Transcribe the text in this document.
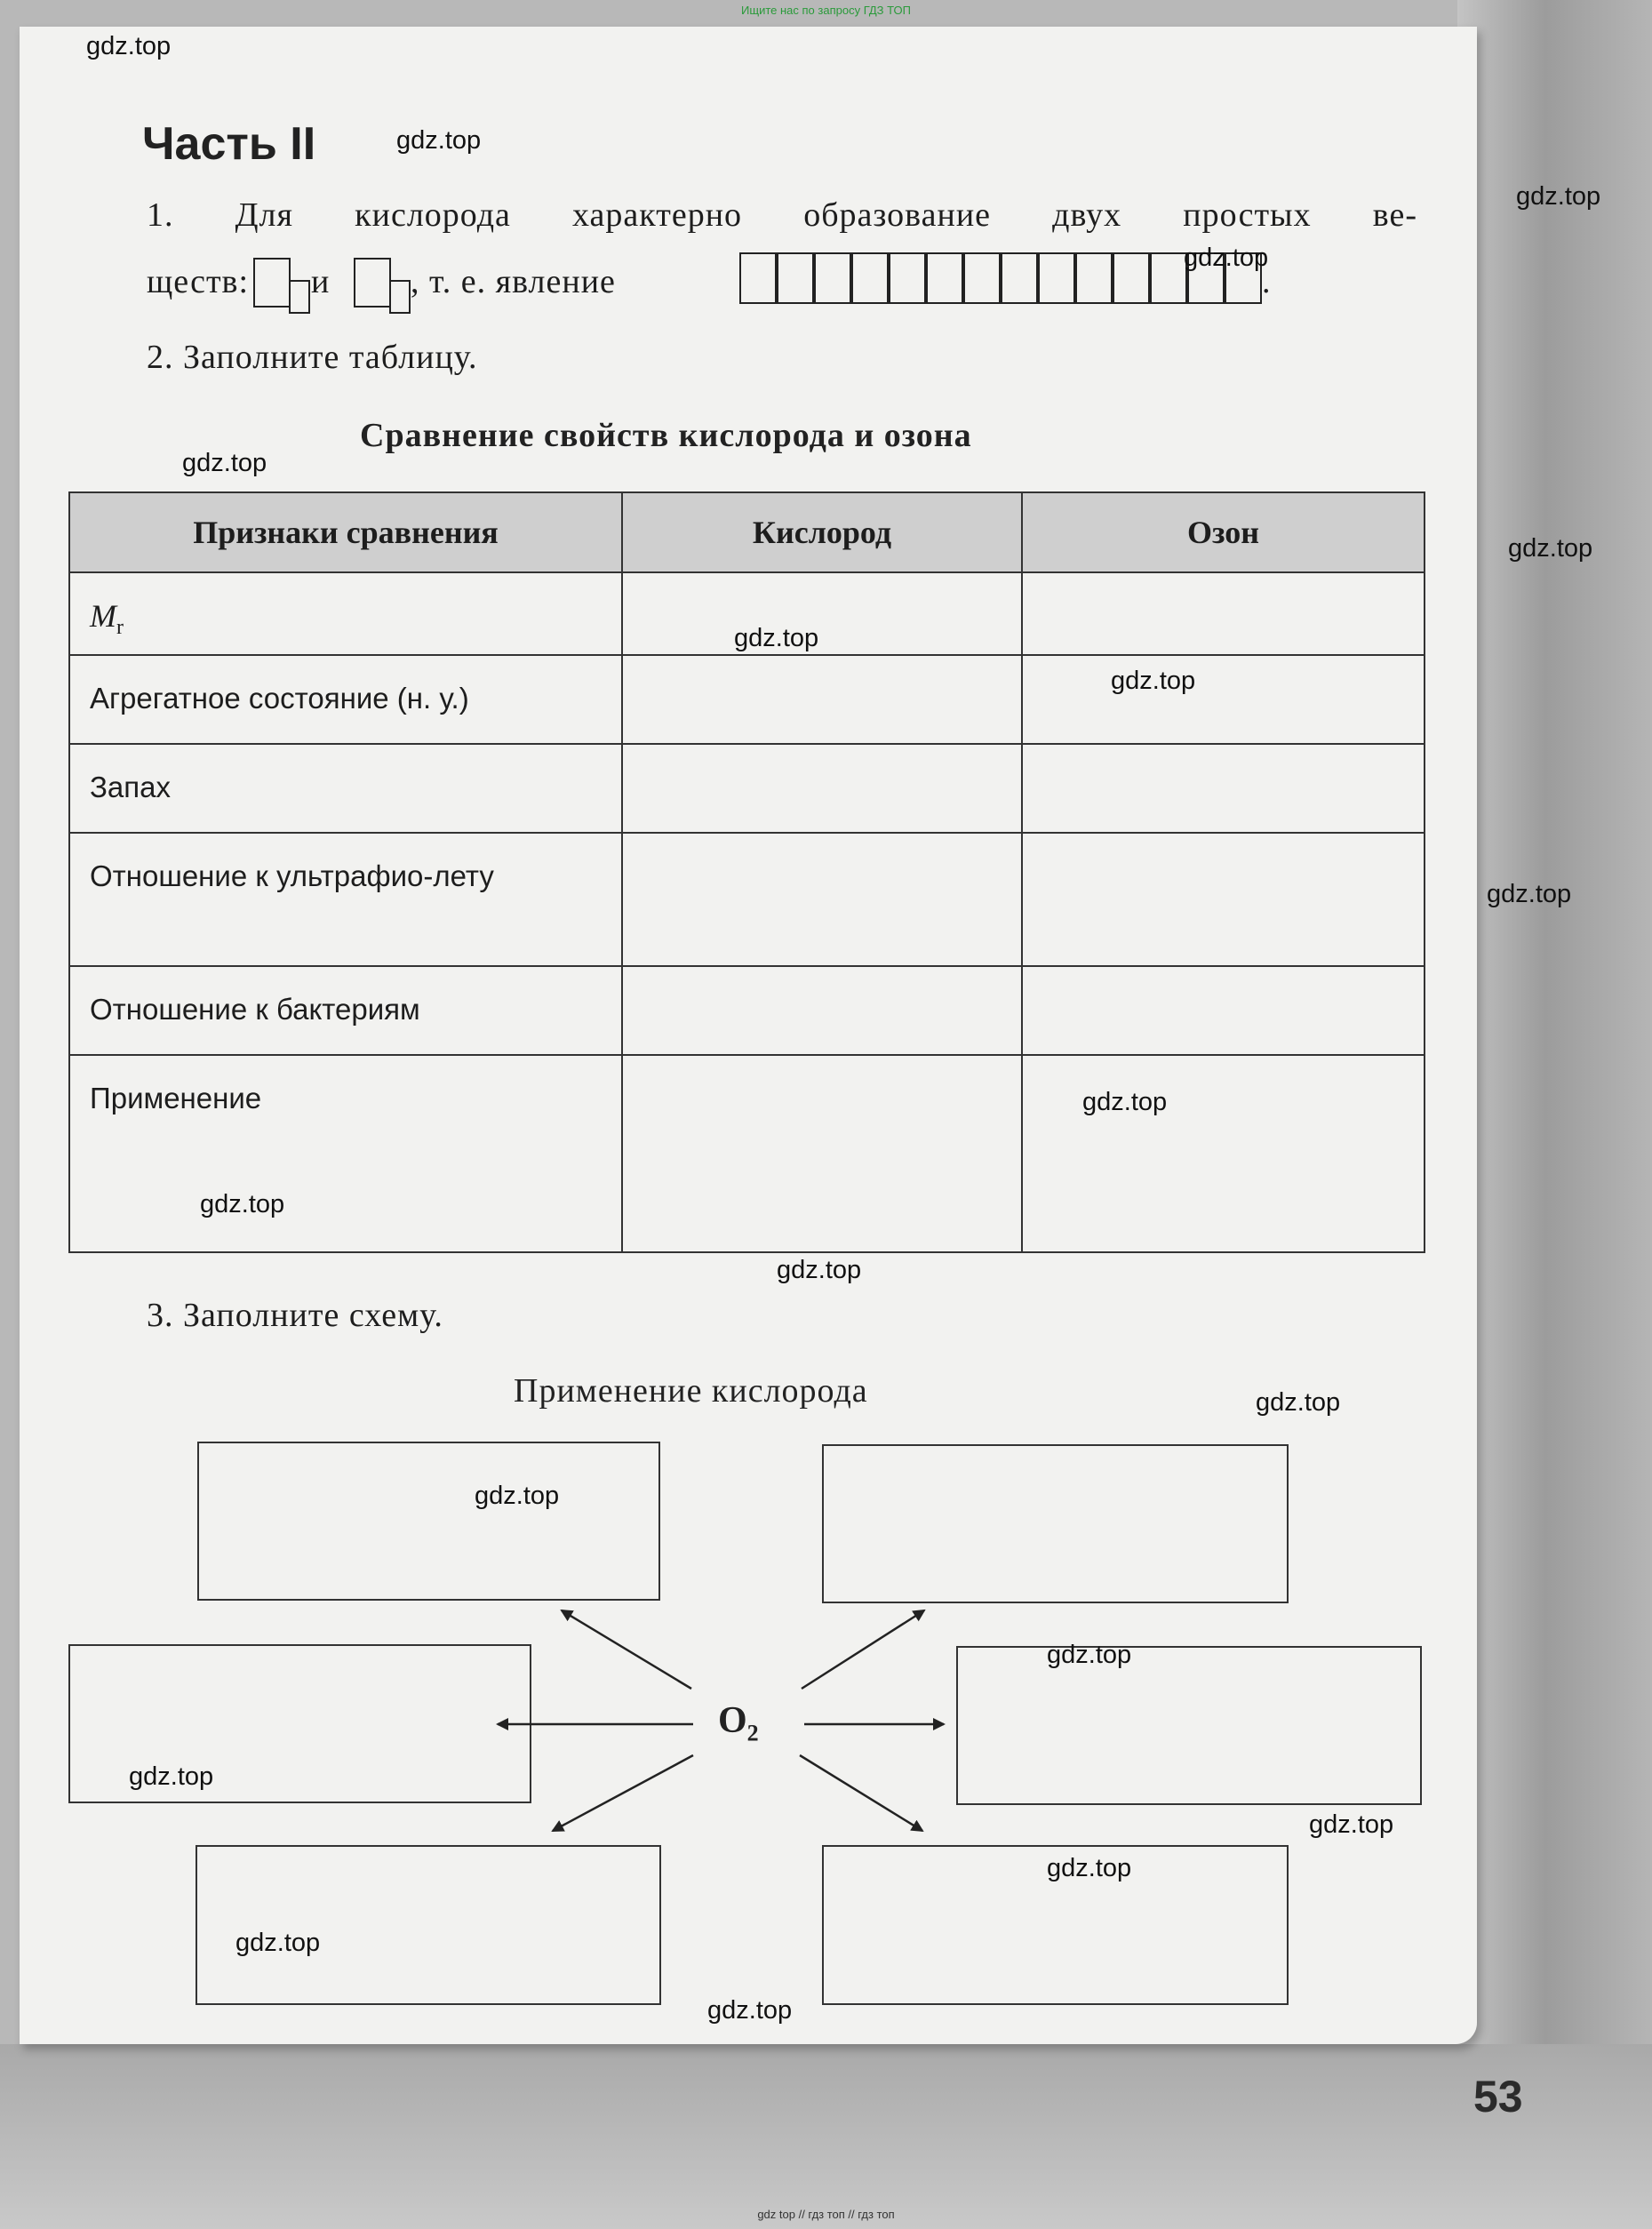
Ищите нас по запросу ГДЗ ТОП
Часть II
1. Для кислорода характерно образование двух простых ве-
ществ: и , т. е. явление	.
2. Заполните таблицу.
Сравнение свойств кислорода и озона
Признаки сравнения	Кислород	Озон
$M_r$		
Агрегатное состояние (н. у.)		
Запах		
Отношение к ультрафио-лету		
Отношение к бактериям		
Применение		
3. Заполните схему.
Применение кислорода
$O_2$
53
gdz.top
gdz.top
gdz.top
gdz.top
gdz.top
gdz.top
gdz.top
gdz.top
gdz.top
gdz.top
gdz.top
gdz.top
gdz.top
gdz.top
gdz.top
gdz.top
gdz.top
gdz.top
gdz.top
gdz.top
gdz top // гдз топ // гдз топ
